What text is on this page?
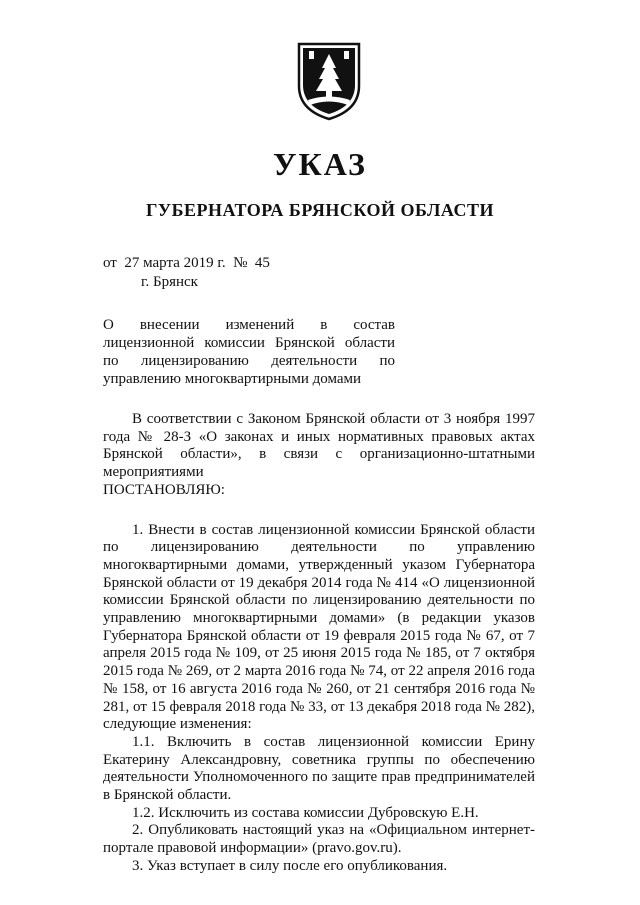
УКАЗ
ГУБЕРНАТОРА БРЯНСКОЙ ОБЛАСТИ
от  27 марта 2019 г.  №  45
г. Брянск
О внесении изменений в состав лицензионной комиссии Брянской области по лицензированию деятельности по управлению многоквартирными домами

В соответствии с Законом Брянской области от 3 ноября 1997 года № 28-З «О законах и иных нормативных правовых актах Брянской области», в связи с организационно-штатными мероприятиями

ПОСТАНОВЛЯЮ:

1. Внести в состав лицензионной комиссии Брянской области по лицензированию деятельности по управлению многоквартирными домами, утвержденный указом Губернатора Брянской области от 19 декабря 2014 года № 414 «О лицензионной комиссии Брянской области по лицензированию деятельности по управлению многоквартирными домами» (в редакции указов Губернатора Брянской области от 19 февраля 2015 года № 67, от 7 апреля 2015 года № 109, от 25 июня 2015 года № 185, от 7 октября 2015 года № 269, от 2 марта 2016 года № 74, от 22 апреля 2016 года № 158, от 16 августа 2016 года № 260, от 21 сентября 2016 года № 281, от 15 февраля 2018 года № 33, от 13 декабря 2018 года № 282), следующие изменения:

1.1. Включить в состав лицензионной комиссии Ерину Екатерину Александровну, советника группы по обеспечению деятельности Уполномоченного по защите прав предпринимателей в Брянской области.

1.2. Исключить из состава комиссии Дубровскую Е.Н.

2. Опубликовать настоящий указ на «Официальном интернет-портале правовой информации» (pravo.gov.ru).

3. Указ вступает в силу после его опубликования.
